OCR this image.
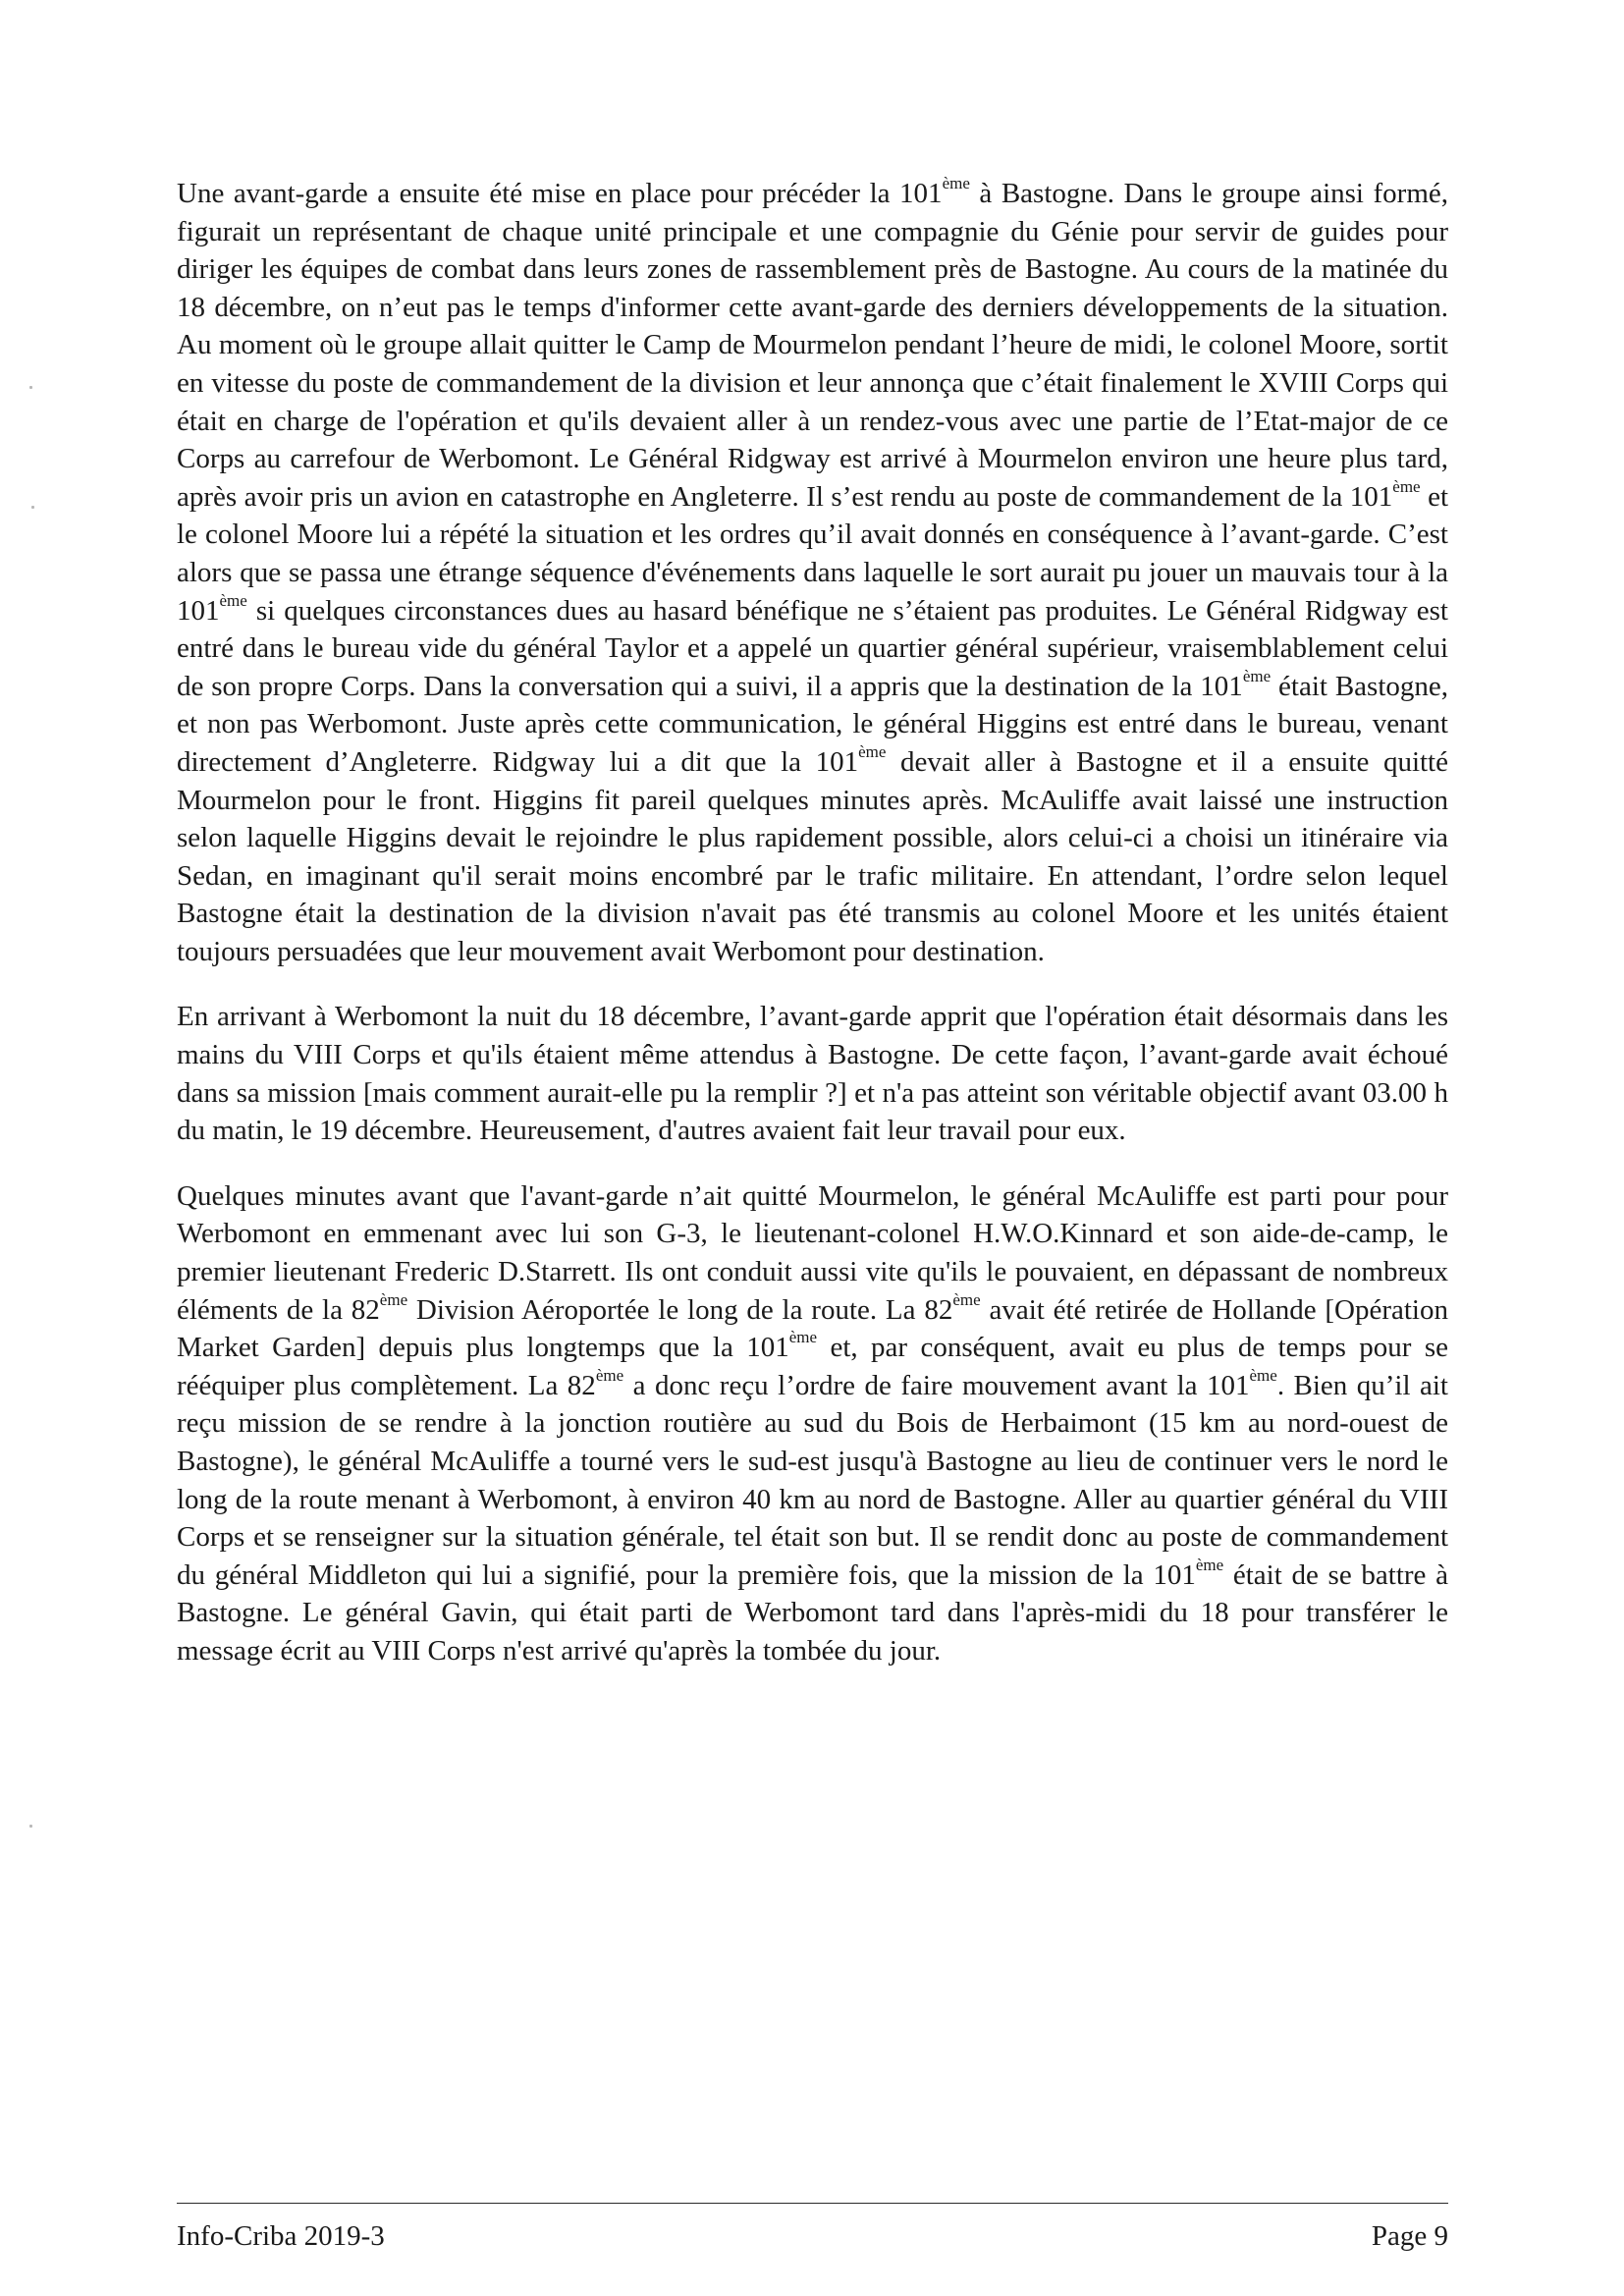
Une avant-garde a ensuite été mise en place pour précéder la 101ème à Bastogne. Dans le groupe ainsi formé, figurait un représentant de chaque unité principale et une compagnie du Génie pour servir de guides pour diriger les équipes de combat dans leurs zones de rassemblement près de Bastogne. Au cours de la matinée du 18 décembre, on n’eut pas le temps d'informer cette avant-garde des derniers développements de la situation. Au moment où le groupe allait quitter le Camp de Mourmelon pendant l’heure de midi, le colonel Moore, sortit en vitesse du poste de commandement de la division et leur annonça que c’était finalement le XVIII Corps qui était en charge de l'opération et qu'ils devaient aller à un rendez-vous avec une partie de l’Etat-major de ce Corps au carrefour de Werbomont. Le Général Ridgway est arrivé à Mourmelon environ une heure plus tard, après avoir pris un avion en catastrophe en Angleterre. Il s’est rendu au poste de commandement de la 101ème et le colonel Moore lui a répété la situation et les ordres qu’il avait donnés en conséquence à l’avant-garde. C’est alors que se passa une étrange séquence d'événements dans laquelle le sort aurait pu jouer un mauvais tour à la 101ème si quelques circonstances dues au hasard bénéfique ne s’étaient pas produites. Le Général Ridgway est entré dans le bureau vide du général Taylor et a appelé un quartier général supérieur, vraisemblablement celui de son propre Corps. Dans la conversation qui a suivi, il a appris que la destination de la 101ème était Bastogne, et non pas Werbomont. Juste après cette communication, le général Higgins est entré dans le bureau, venant directement d’Angleterre. Ridgway lui a dit que la 101ème devait aller à Bastogne et il a ensuite quitté Mourmelon pour le front. Higgins fit pareil quelques minutes après. McAuliffe avait laissé une instruction selon laquelle Higgins devait le rejoindre le plus rapidement possible, alors celui-ci a choisi un itinéraire via Sedan, en imaginant qu'il serait moins encombré par le trafic militaire. En attendant, l’ordre selon lequel Bastogne était la destination de la division n'avait pas été transmis au colonel Moore et les unités étaient toujours persuadées que leur mouvement avait Werbomont pour destination.

En arrivant à Werbomont la nuit du 18 décembre, l’avant-garde apprit que l'opération était désormais dans les mains du VIII Corps et qu'ils étaient même attendus à Bastogne. De cette façon, l’avant-garde avait échoué dans sa mission [mais comment aurait-elle pu la remplir ?] et n'a pas atteint son véritable objectif avant 03.00 h du matin, le 19 décembre. Heureusement, d'autres avaient fait leur travail pour eux.

Quelques minutes avant que l'avant-garde n’ait quitté Mourmelon, le général McAuliffe est parti pour pour Werbomont en emmenant avec lui son G-3, le lieutenant-colonel H.W.O.Kinnard et son aide-de-camp, le premier lieutenant Frederic D.Starrett. Ils ont conduit aussi vite qu'ils le pouvaient, en dépassant de nombreux éléments de la 82ème Division Aéroportée le long de la route. La 82ème avait été retirée de Hollande [Opération Market Garden] depuis plus longtemps que la 101ème et, par conséquent, avait eu plus de temps pour se rééquiper plus complètement. La 82ème a donc reçu l’ordre de faire mouvement avant la 101ème. Bien qu’il ait reçu mission de se rendre à la jonction routière au sud du Bois de Herbaimont (15 km au nord-ouest de Bastogne), le général McAuliffe a tourné vers le sud-est jusqu'à Bastogne au lieu de continuer vers le nord le long de la route menant à Werbomont, à environ 40 km au nord de Bastogne. Aller au quartier général du VIII Corps et se renseigner sur la situation générale, tel était son but. Il se rendit donc au poste de commandement du général Middleton qui lui a signifié, pour la première fois, que la mission de la 101ème était de se battre à Bastogne. Le général Gavin, qui était parti de Werbomont tard dans l'après-midi du 18 pour transférer le message écrit au VIII Corps n'est arrivé qu'après la tombée du jour.

Info-Criba 2019-3	Page 9
